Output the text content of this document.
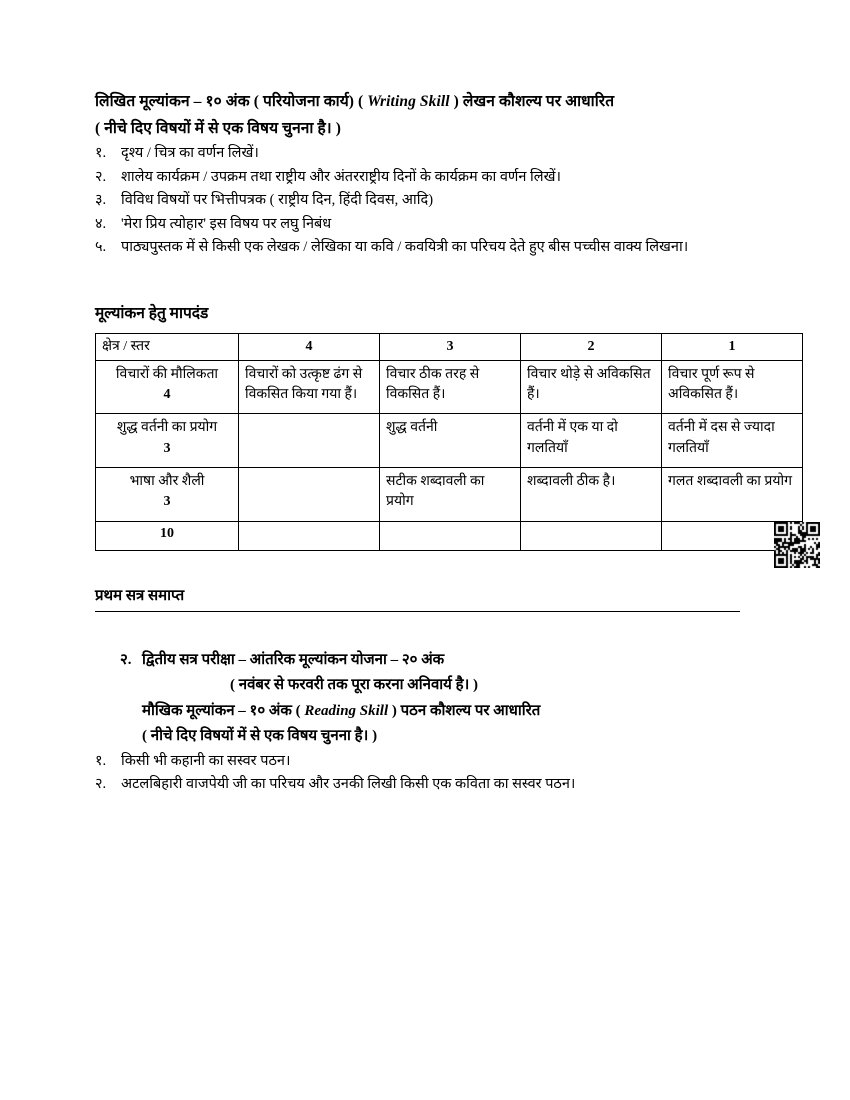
लिखित मूल्यांकन – १० अंक ( परियोजना कार्य) ( Writing Skill ) लेखन कौशल्य पर आधारित
( नीचे दिए विषयों में से एक विषय चुनना है। )
१.	दृश्य / चित्र का वर्णन लिखें।
२.	शालेय कार्यक्रम / उपक्रम तथा राष्ट्रीय और अंतरराष्ट्रीय दिनों के कार्यक्रम का वर्णन लिखें।
३.	विविध विषयों पर भित्तीपत्रक ( राष्ट्रीय दिन, हिंदी दिवस, आदि)
४.	'मेरा प्रिय त्योहार' इस विषय पर लघु निबंध
५.	पाठ्यपुस्तक में से किसी एक लेखक / लेखिका या कवि / कवयित्री का परिचय देते हुए बीस पच्चीस वाक्य लिखना।
मूल्यांकन हेतु मापदंड
क्षेत्र / स्तर	4	3	2	1

विचारों की मौलिकता
4	विचारों को उत्कृष्ट ढंग से विकसित किया गया हैं।	विचार ठीक तरह से विकसित हैं।	विचार थोड़े से अविकसित हैं।	विचार पूर्ण रूप से अविकसित हैं।

शुद्ध वर्तनी का प्रयोग
3		शुद्ध वर्तनी	वर्तनी में एक या दो गलतियाँ	वर्तनी में दस से ज्यादा गलतियाँ

भाषा और शैली
3		सटीक शब्दावली का प्रयोग	शब्दावली ठीक है।	गलत शब्दावली का प्रयोग
10				
प्रथम सत्र समाप्त
२. द्वितीय सत्र परीक्षा – आंतरिक मूल्यांकन योजना – २० अंक
( नवंबर से फरवरी तक पूरा करना अनिवार्य है। )
मौखिक मूल्यांकन – १० अंक ( Reading Skill ) पठन कौशल्य पर आधारित
( नीचे दिए विषयों में से एक विषय चुनना है। )
१.	किसी भी कहानी का सस्वर पठन।
२.	अटलबिहारी वाजपेयी जी का परिचय और उनकी लिखी किसी एक कविता का सस्वर पठन।
